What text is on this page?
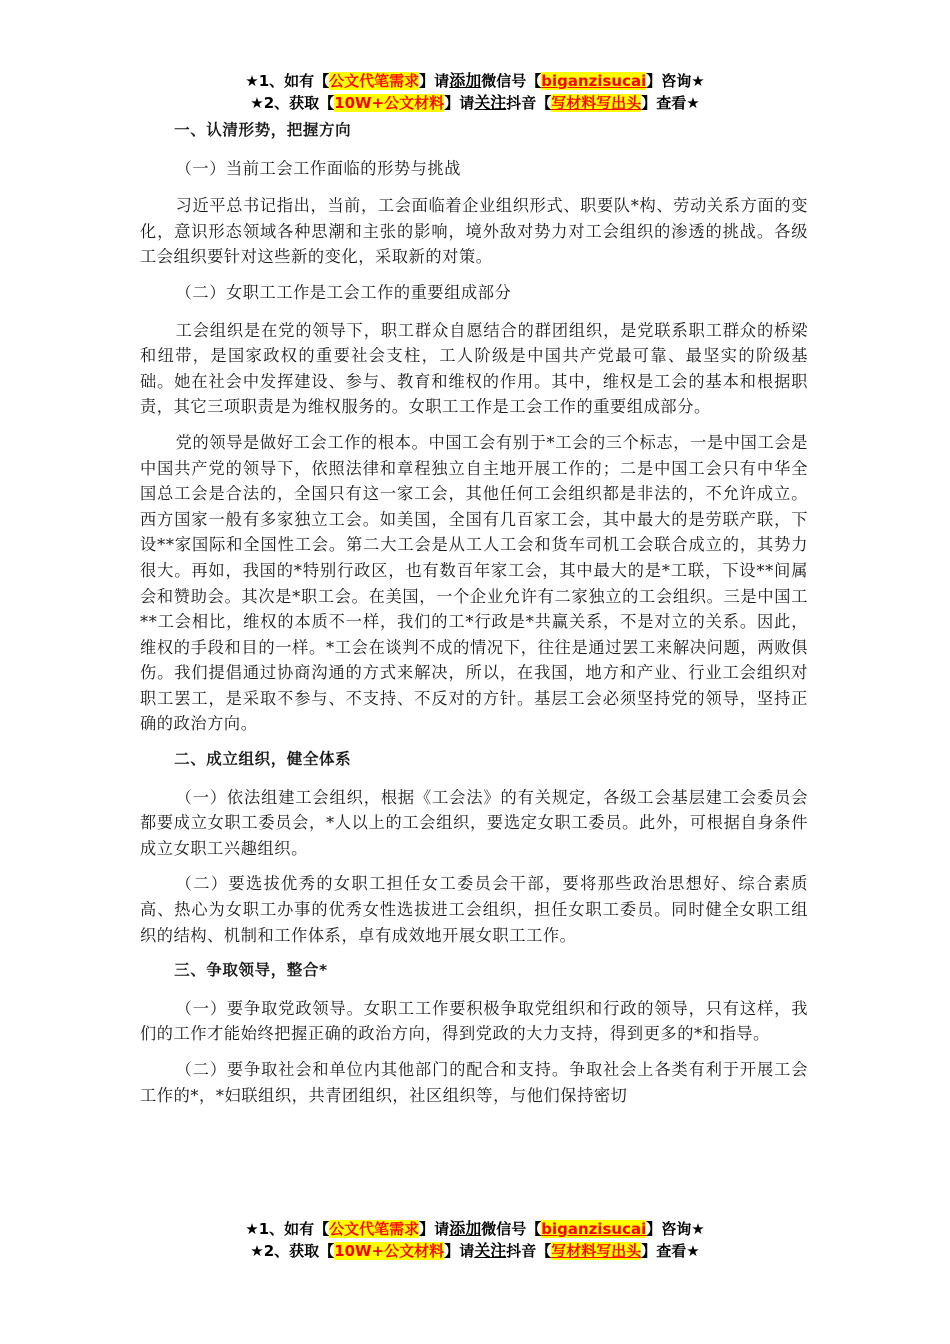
★1、如有【公文代笔需求】请添加微信号【biganzisucai】咨询★
★2、获取【10W+公文材料】请关注抖音【写材料写出头】查看★

一、认清形势，把握方向

（一）当前工会工作面临的形势与挑战

习近平总书记指出，当前，工会面临着企业组织形式、职要队*构、劳动关系方面的变化，意识形态领域各种思潮和主张的影响，境外敌对势力对工会组织的渗透的挑战。各级工会组织要针对这些新的变化，采取新的对策。

（二）女职工工作是工会工作的重要组成部分

工会组织是在党的领导下，职工群众自愿结合的群团组织，是党联系职工群众的桥梁和纽带，是国家政权的重要社会支柱，工人阶级是中国共产党最可靠、最坚实的阶级基础。她在社会中发挥建设、参与、教育和维权的作用。其中，维权是工会的基本和根据职责，其它三项职责是为维权服务的。女职工工作是工会工作的重要组成部分。

党的领导是做好工会工作的根本。中国工会有别于*工会的三个标志，一是中国工会是中国共产党的领导下，依照法律和章程独立自主地开展工作的；二是中国工会只有中华全国总工会是合法的，全国只有这一家工会，其他任何工会组织都是非法的，不允许成立。西方国家一般有多家独立工会。如美国，全国有几百家工会，其中最大的是劳联产联，下设**家国际和全国性工会。第二大工会是从工人工会和货车司机工会联合成立的，其势力很大。再如，我国的*特别行政区，也有数百年家工会，其中最大的是*工联，下设**间属会和赞助会。其次是*职工会。在美国，一个企业允许有二家独立的工会组织。三是中国工**工会相比，维权的本质不一样，我们的工*行政是*共赢关系，不是对立的关系。因此，维权的手段和目的一样。*工会在谈判不成的情况下，往往是通过罢工来解决问题，两败俱伤。我们提倡通过协商沟通的方式来解决，所以，在我国，地方和产业、行业工会组织对职工罢工，是采取不参与、不支持、不反对的方针。基层工会必须坚持党的领导，坚持正确的政治方向。

二、成立组织，健全体系

（一）依法组建工会组织，根据《工会法》的有关规定，各级工会基层建工会委员会都要成立女职工委员会，*人以上的工会组织，要选定女职工委员。此外，可根据自身条件成立女职工兴趣组织。

（二）要选拔优秀的女职工担任女工委员会干部，要将那些政治思想好、综合素质高、热心为女职工办事的优秀女性选拔进工会组织，担任女职工委员。同时健全女职工组织的结构、机制和工作体系，卓有成效地开展女职工工作。

三、争取领导，整合*

（一）要争取党政领导。女职工工作要积极争取党组织和行政的领导，只有这样，我们的工作才能始终把握正确的政治方向，得到党政的大力支持，得到更多的*和指导。

（二）要争取社会和单位内其他部门的配合和支持。争取社会上各类有利于开展工会工作的*，*妇联组织，共青团组织，社区组织等，与他们保持密切

★1、如有【公文代笔需求】请添加微信号【biganzisucai】咨询★
★2、获取【10W+公文材料】请关注抖音【写材料写出头】查看★
